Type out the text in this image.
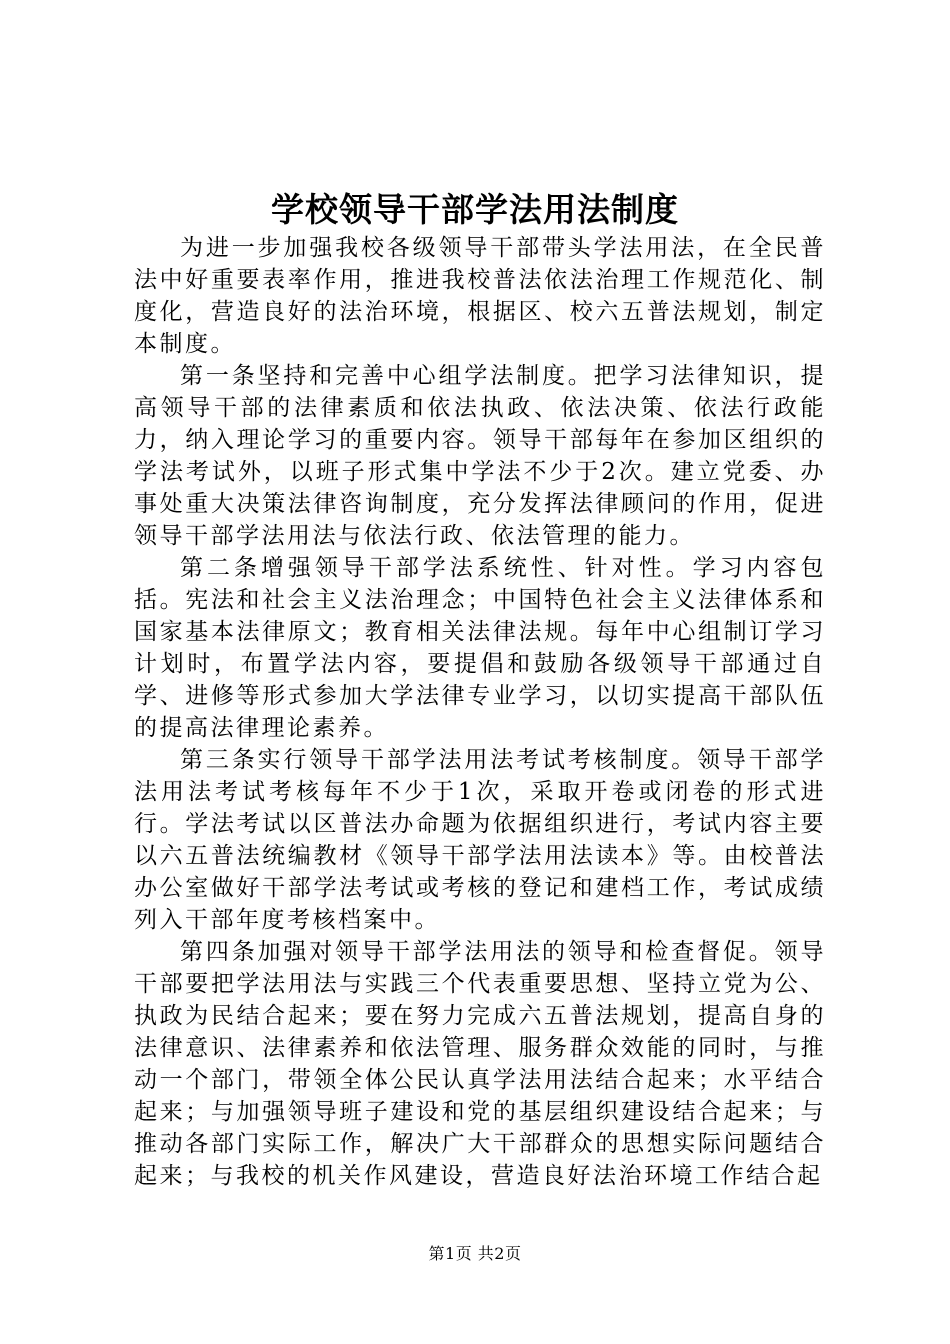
学校领导干部学法用法制度

为进一步加强我校各级领导干部带头学法用法，在全民普法中好重要表率作用，推进我校普法依法治理工作规范化、制度化，营造良好的法治环境，根据区、校六五普法规划，制定本制度。

第一条坚持和完善中心组学法制度。把学习法律知识，提高领导干部的法律素质和依法执政、依法决策、依法行政能力，纳入理论学习的重要内容。领导干部每年在参加区组织的学法考试外，以班子形式集中学法不少于2次。建立党委、办事处重大决策法律咨询制度，充分发挥法律顾问的作用，促进领导干部学法用法与依法行政、依法管理的能力。

第二条增强领导干部学法系统性、针对性。学习内容包括。宪法和社会主义法治理念；中国特色社会主义法律体系和国家基本法律原文；教育相关法律法规。每年中心组制订学习计划时，布置学法内容，要提倡和鼓励各级领导干部通过自学、进修等形式参加大学法律专业学习，以切实提高干部队伍的提高法律理论素养。

第三条实行领导干部学法用法考试考核制度。领导干部学法用法考试考核每年不少于1次，采取开卷或闭卷的形式进行。学法考试以区普法办命题为依据组织进行，考试内容主要以六五普法统编教材《领导干部学法用法读本》等。由校普法办公室做好干部学法考试或考核的登记和建档工作，考试成绩列入干部年度考核档案中。

第四条加强对领导干部学法用法的领导和检查督促。领导干部要把学法用法与实践三个代表重要思想、坚持立党为公、执政为民结合起来；要在努力完成六五普法规划，提高自身的法律意识、法律素养和依法管理、服务群众效能的同时，与推动一个部门，带领全体公民认真学法用法结合起来；水平结合起来；与加强领导班子建设和党的基层组织建设结合起来；与推动各部门实际工作，解决广大干部群众的思想实际问题结合起来；与我校的机关作风建设，营造良好法治环境工作结合起

第1页 共2页
